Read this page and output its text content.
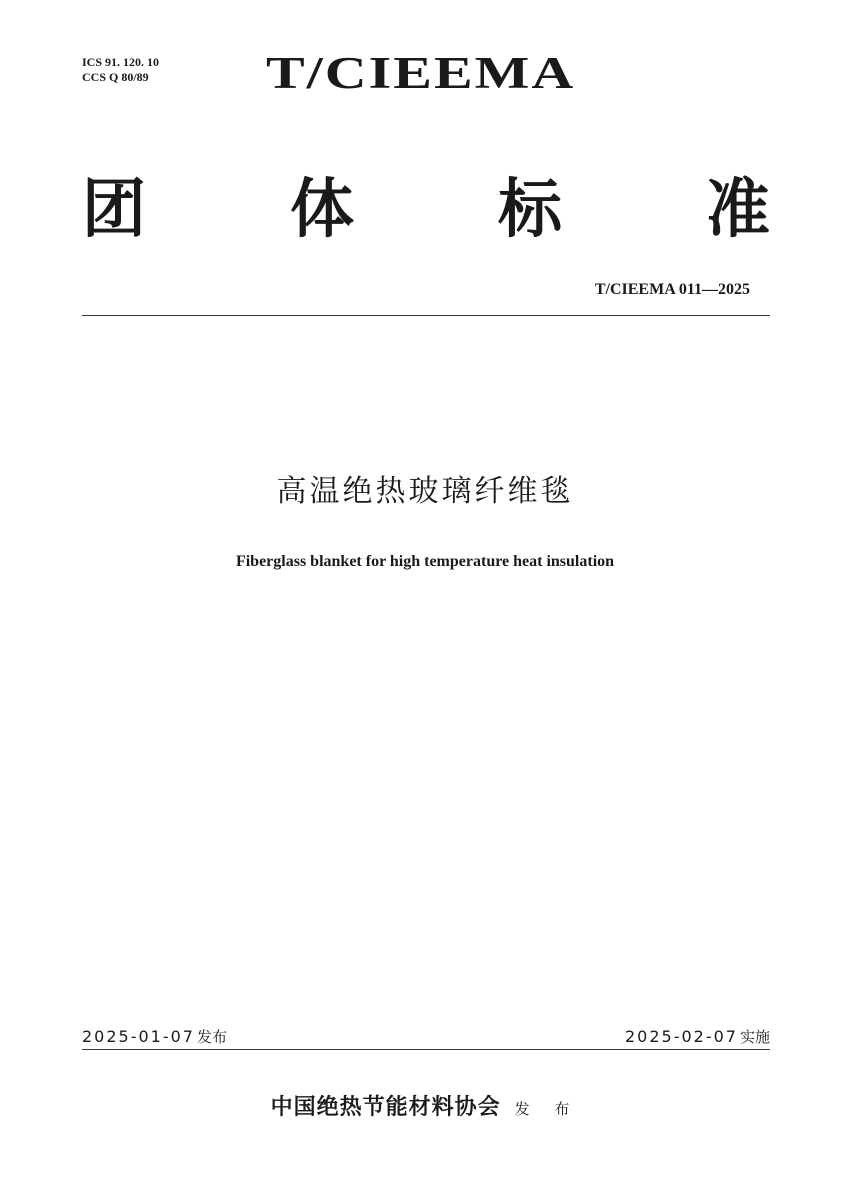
ICS 91. 120. 10
CCS Q 80/89 T/CIEEMA
团 体 标 准
T/CIEEMA 011—2025
高温绝热玻璃纤维毯
Fiberglass blanket for high temperature heat insulation
2025-01-07 发布	2025-02-07 实施
中国绝热节能材料协会 发 布
